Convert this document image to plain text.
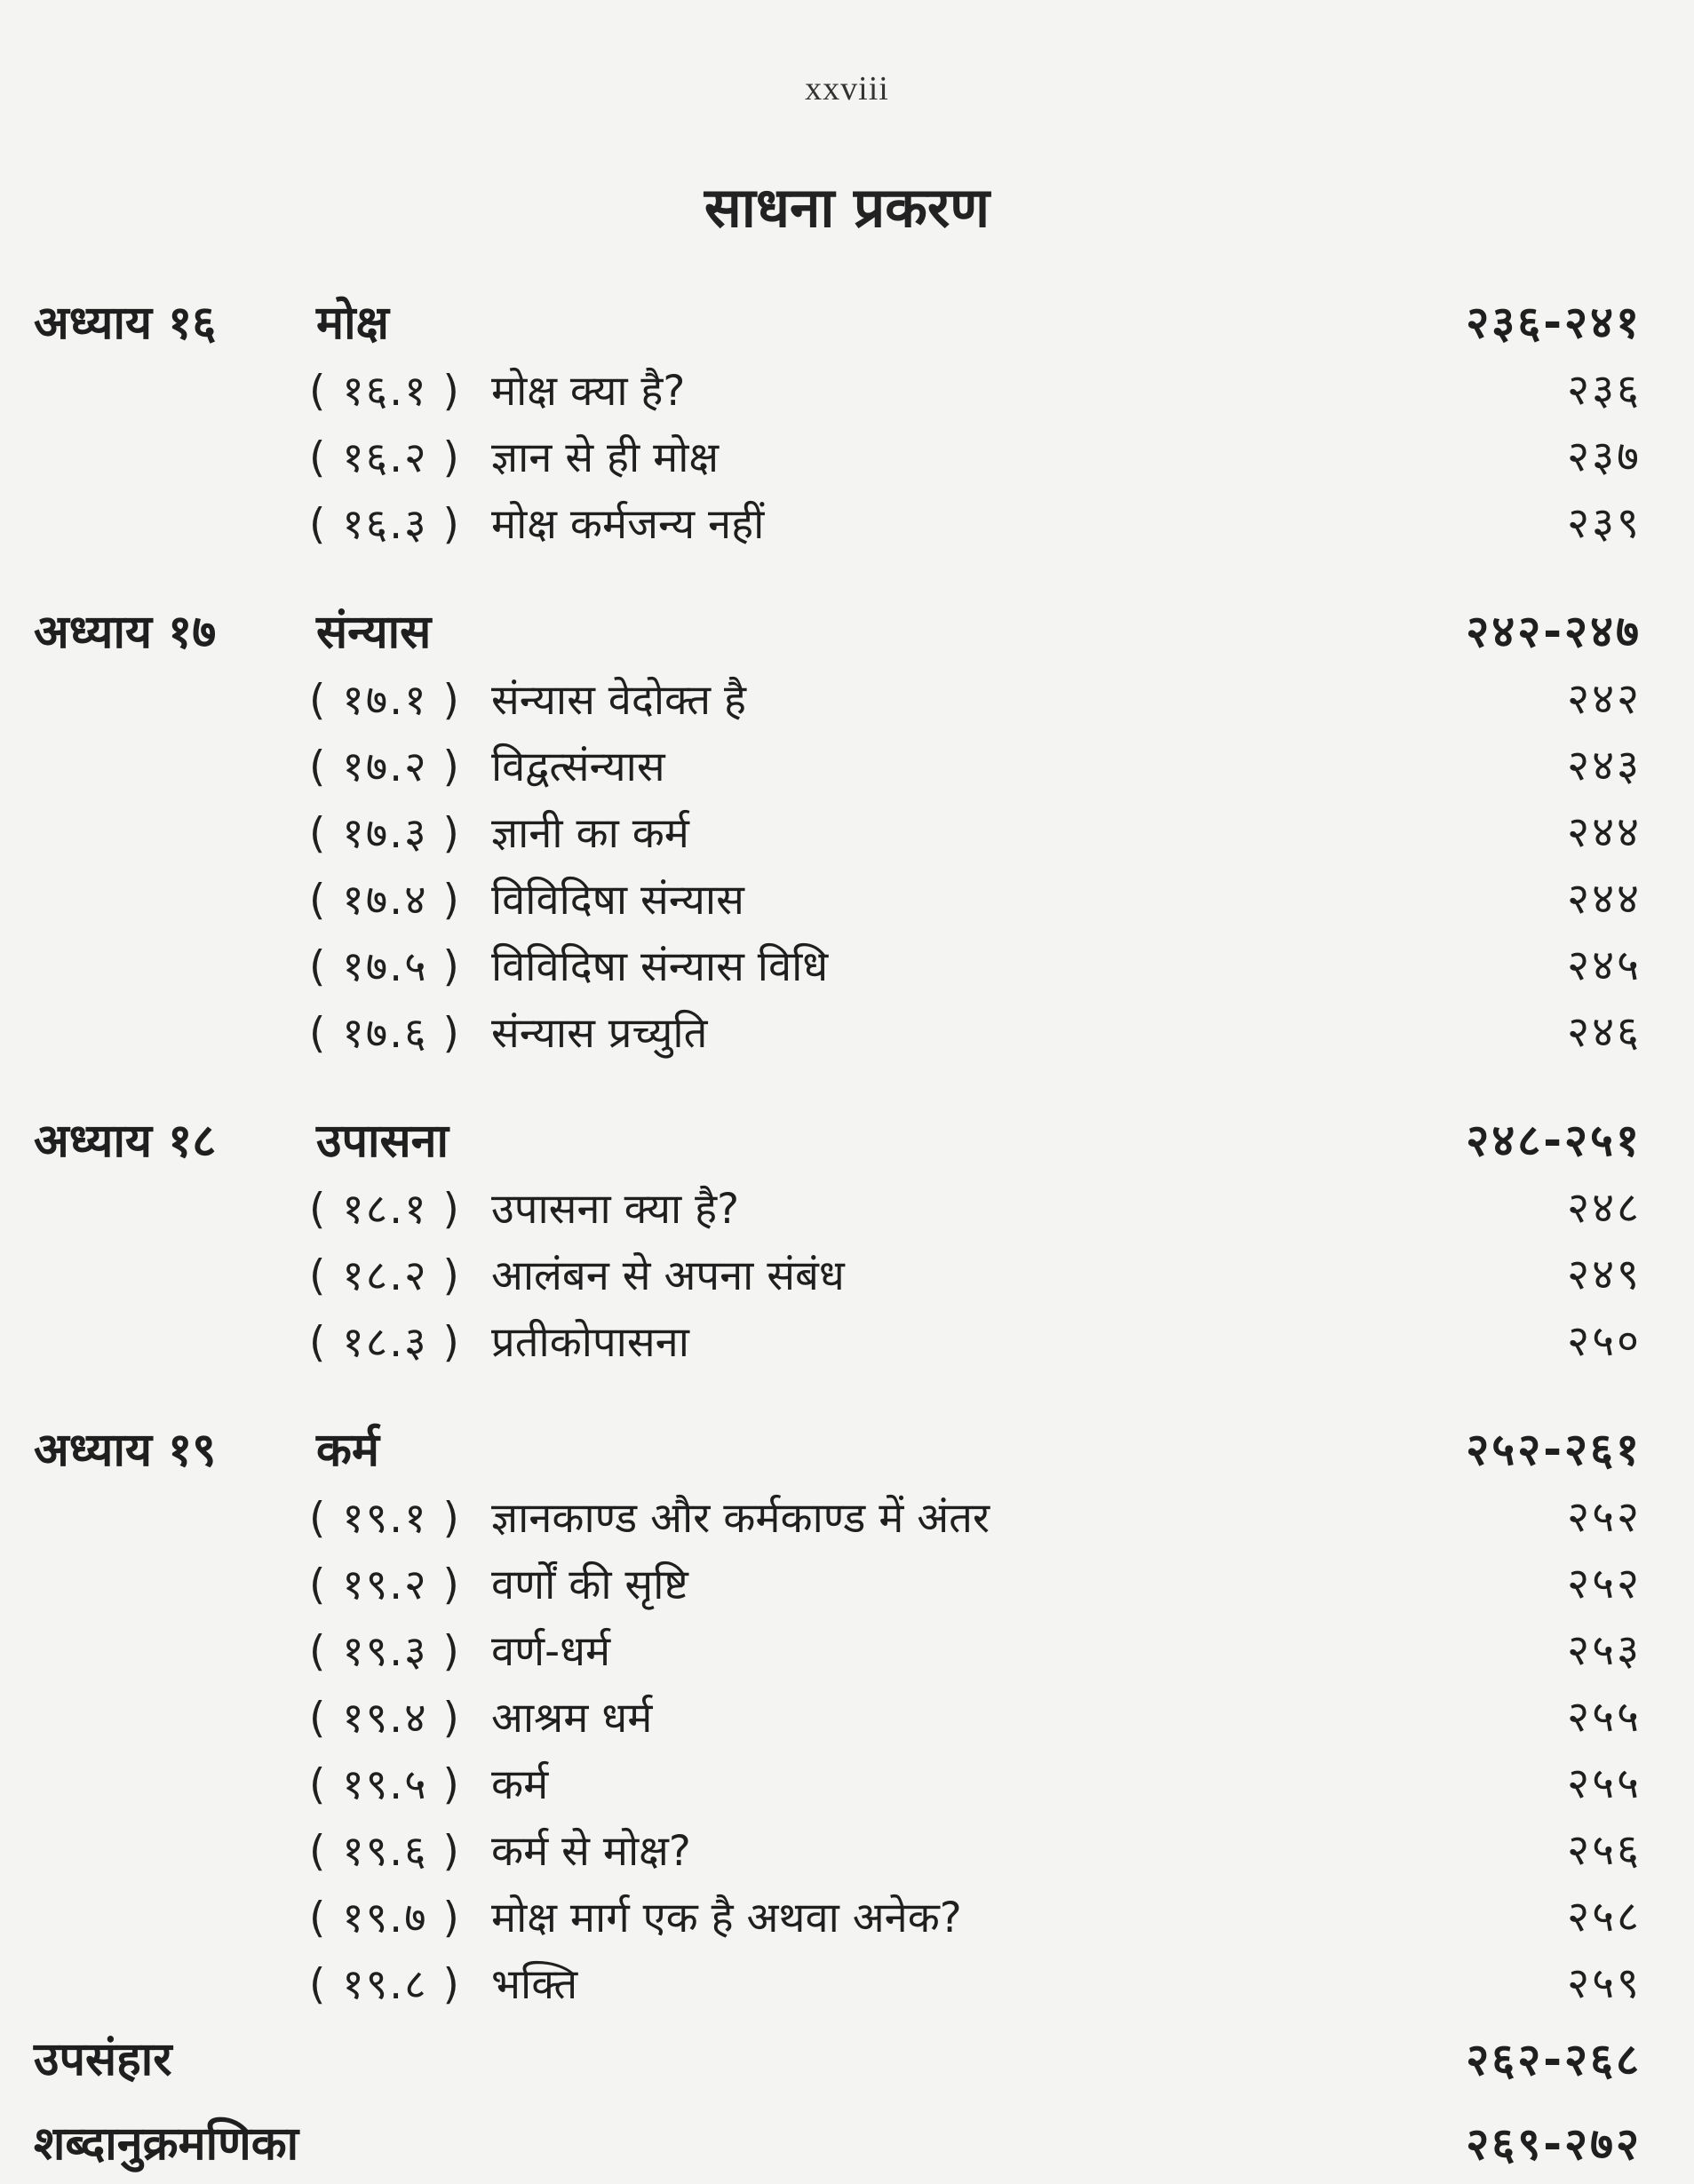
xxviii
साधना प्रकरण
अध्याय १६	मोक्ष	२३६-२४१
( १६.१ ) मोक्ष क्या है?	२३६
( १६.२ ) ज्ञान से ही मोक्ष	२३७
( १६.३ ) मोक्ष कर्मजन्य नहीं	२३९
अध्याय १७	संन्यास	२४२-२४७
( १७.१ ) संन्यास वेदोक्त है	२४२
( १७.२ ) विद्वत्संन्यास	२४३
( १७.३ ) ज्ञानी का कर्म	२४४
( १७.४ ) विविदिषा संन्यास	२४४
( १७.५ ) विविदिषा संन्यास विधि	२४५
( १७.६ ) संन्यास प्रच्युति	२४६
अध्याय १८	उपासना	२४८-२५१
( १८.१ ) उपासना क्या है?	२४८
( १८.२ ) आलंबन से अपना संबंध	२४९
( १८.३ ) प्रतीकोपासना	२५०
अध्याय १९	कर्म	२५२-२६१
( १९.१ ) ज्ञानकाण्ड और कर्मकाण्ड में अंतर	२५२
( १९.२ ) वर्णों की सृष्टि	२५२
( १९.३ ) वर्ण-धर्म	२५३
( १९.४ ) आश्रम धर्म	२५५
( १९.५ ) कर्म	२५५
( १९.६ ) कर्म से मोक्ष?	२५६
( १९.७ ) मोक्ष मार्ग एक है अथवा अनेक?	२५८
( १९.८ ) भक्ति	२५९
उपसंहार	२६२-२६८
शब्दानुक्रमणिका	२६९-२७२
